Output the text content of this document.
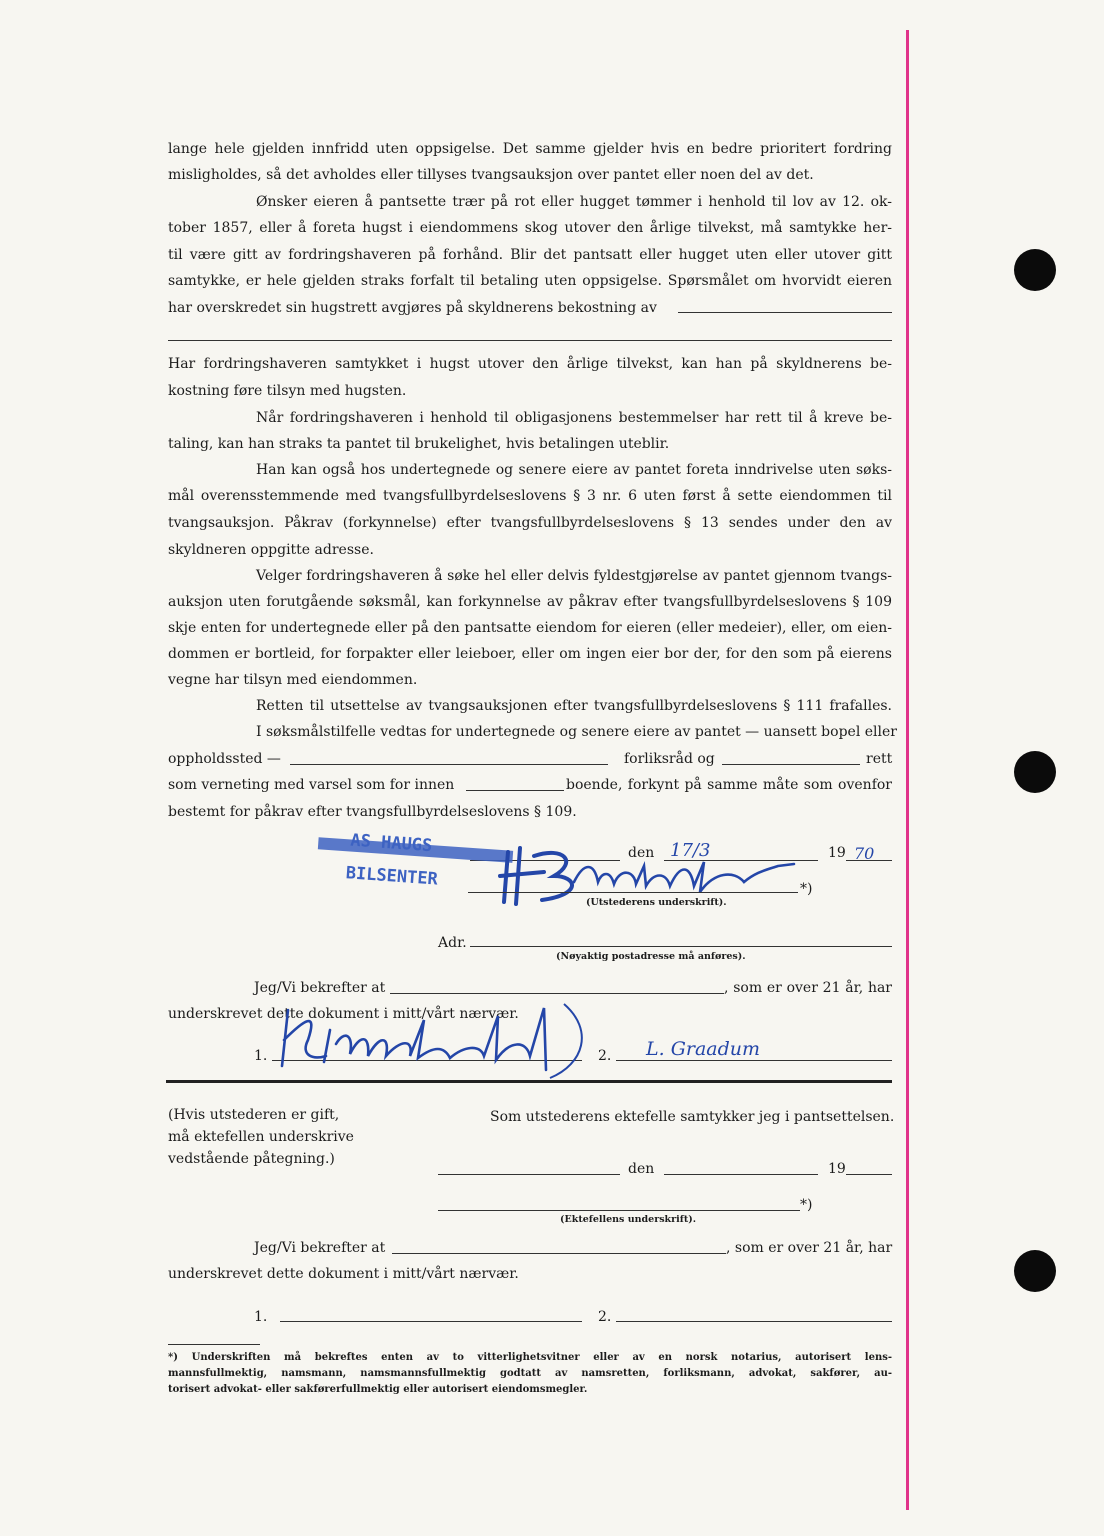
lange hele gjelden innfridd uten oppsigelse. Det samme gjelder hvis en bedre prioritert fordring
misligholdes, så det avholdes eller tillyses tvangsauksjon over pantet eller noen del av det.
Ønsker eieren å pantsette trær på rot eller hugget tømmer i henhold til lov av 12. ok-
tober 1857, eller å foreta hugst i eiendommens skog utover den årlige tilvekst, må samtykke her-
til være gitt av fordringshaveren på forhånd. Blir det pantsatt eller hugget uten eller utover gitt
samtykke, er hele gjelden straks forfalt til betaling uten oppsigelse. Spørsmålet om hvorvidt eieren
har overskredet sin hugstrett avgjøres på skyldnerens bekostning av
Har fordringshaveren samtykket i hugst utover den årlige tilvekst, kan han på skyldnerens be-
kostning føre tilsyn med hugsten.
Når fordringshaveren i henhold til obligasjonens bestemmelser har rett til å kreve be-
taling, kan han straks ta pantet til brukelighet, hvis betalingen uteblir.
Han kan også hos undertegnede og senere eiere av pantet foreta inndrivelse uten søks-
mål overensstemmende med tvangsfullbyrdelseslovens § 3 nr. 6 uten først å sette eiendommen til
tvangsauksjon. Påkrav (forkynnelse) efter tvangsfullbyrdelseslovens § 13 sendes under den av
skyldneren oppgitte adresse.
Velger fordringshaveren å søke hel eller delvis fyldestgjørelse av pantet gjennom tvangs-
auksjon uten forutgående søksmål, kan forkynnelse av påkrav efter tvangsfullbyrdelseslovens § 109
skje enten for undertegnede eller på den pantsatte eiendom for eieren (eller medeier), eller, om eien-
dommen er bortleid, for forpakter eller leieboer, eller om ingen eier bor der, for den som på eierens
vegne har tilsyn med eiendommen.
Retten til utsettelse av tvangsauksjonen efter tvangsfullbyrdelseslovens § 111 frafalles.
I søksmålstilfelle vedtas for undertegnede og senere eiere av pantet — uansett bopel eller
oppholdssted —	forliksråd og	rett
som verneting med varsel som for innen	boende, forkynt på samme måte som ovenfor
bestemt for påkrav efter tvangsfullbyrdelseslovens § 109.
den	19
17/3	70
AS HAUGS
BILSENTER	*)
(Utstederens underskrift).
Adr.
(Nøyaktig postadresse må anføres).
Jeg/Vi bekrefter at	, som er over 21 år, har
underskrevet dette dokument i mitt/vårt nærvær.
1.	2.	L. Graadum
(Hvis utstederen er gift,
må ektefellen underskrive
vedstående påtegning.)
Som utstederens ektefelle samtykker jeg i pantsettelsen.
den	19
*)
(Ektefellens underskrift).
Jeg/Vi bekrefter at	, som er over 21 år, har
underskrevet dette dokument i mitt/vårt nærvær.
1.	2.
*) Underskriften må bekreftes enten av to vitterlighetsvitner eller av en norsk notarius, autorisert lens-
mannsfullmektig, namsmann, namsmannsfullmektig godtatt av namsretten, forliksmann, advokat, sakfører, au-
torisert advokat- eller sakførerfullmektig eller autorisert eiendomsmegler.
